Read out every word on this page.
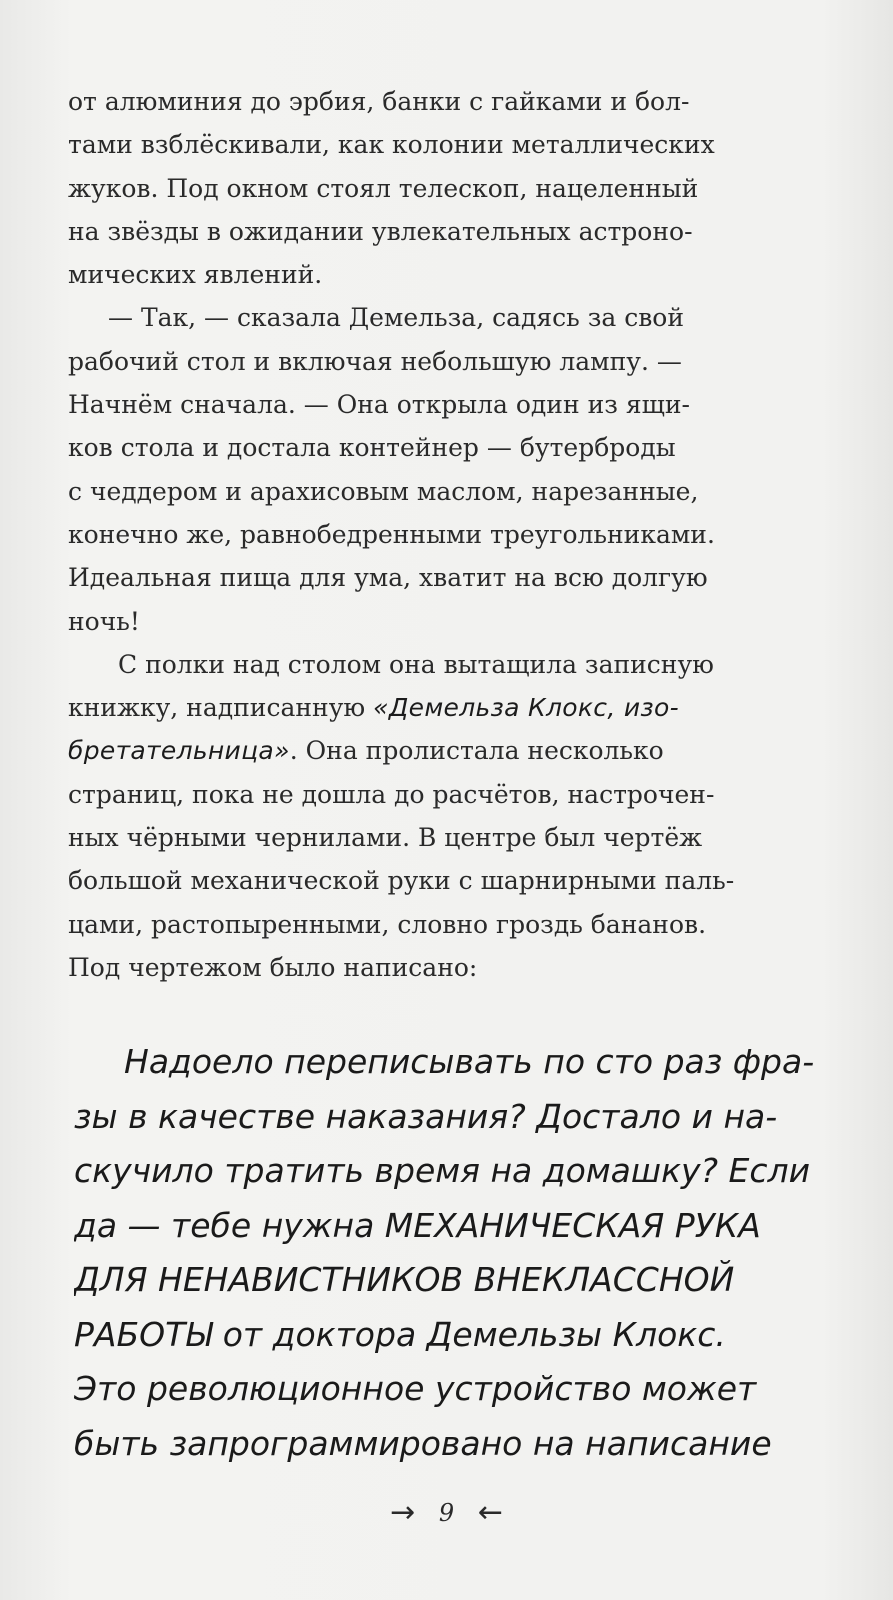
от алюминия до эрбия, банки с гайками и бол-
тами взблёскивали, как колонии металлических
жуков. Под окном стоял телескоп, нацеленный
на звёзды в ожидании увлекательных астроно-
мических явлений.
— Так, — сказала Демельза, садясь за свой
рабочий стол и включая небольшую лампу. —
Начнём сначала. — Она открыла один из ящи-
ков стола и достала контейнер — бутерброды
с чеддером и арахисовым маслом, нарезанные,
конечно же, равнобедренными треугольниками.
Идеальная пища для ума, хватит на всю долгую
ночь!
С полки над столом она вытащила записную
книжку, надписанную «Демельза Клокс, изо-
бретательница». Она пролистала несколько
страниц, пока не дошла до расчётов, настрочен-
ных чёрными чернилами. В центре был чертёж
большой механической руки с шарнирными паль-
цами, растопыренными, словно гроздь бананов.
Под чертежом было написано:
Надоело переписывать по сто раз фра-
зы в качестве наказания? Достало и на-
скучило тратить время на домашку? Если
да — тебе нужна МЕХАНИЧЕСКАЯ РУКА
ДЛЯ НЕНАВИСТНИКОВ ВНЕКЛАССНОЙ
РАБОТЫ от доктора Демельзы Клокс.
Это революционное устройство может
быть запрограммировано на написание
→ 9 ←
